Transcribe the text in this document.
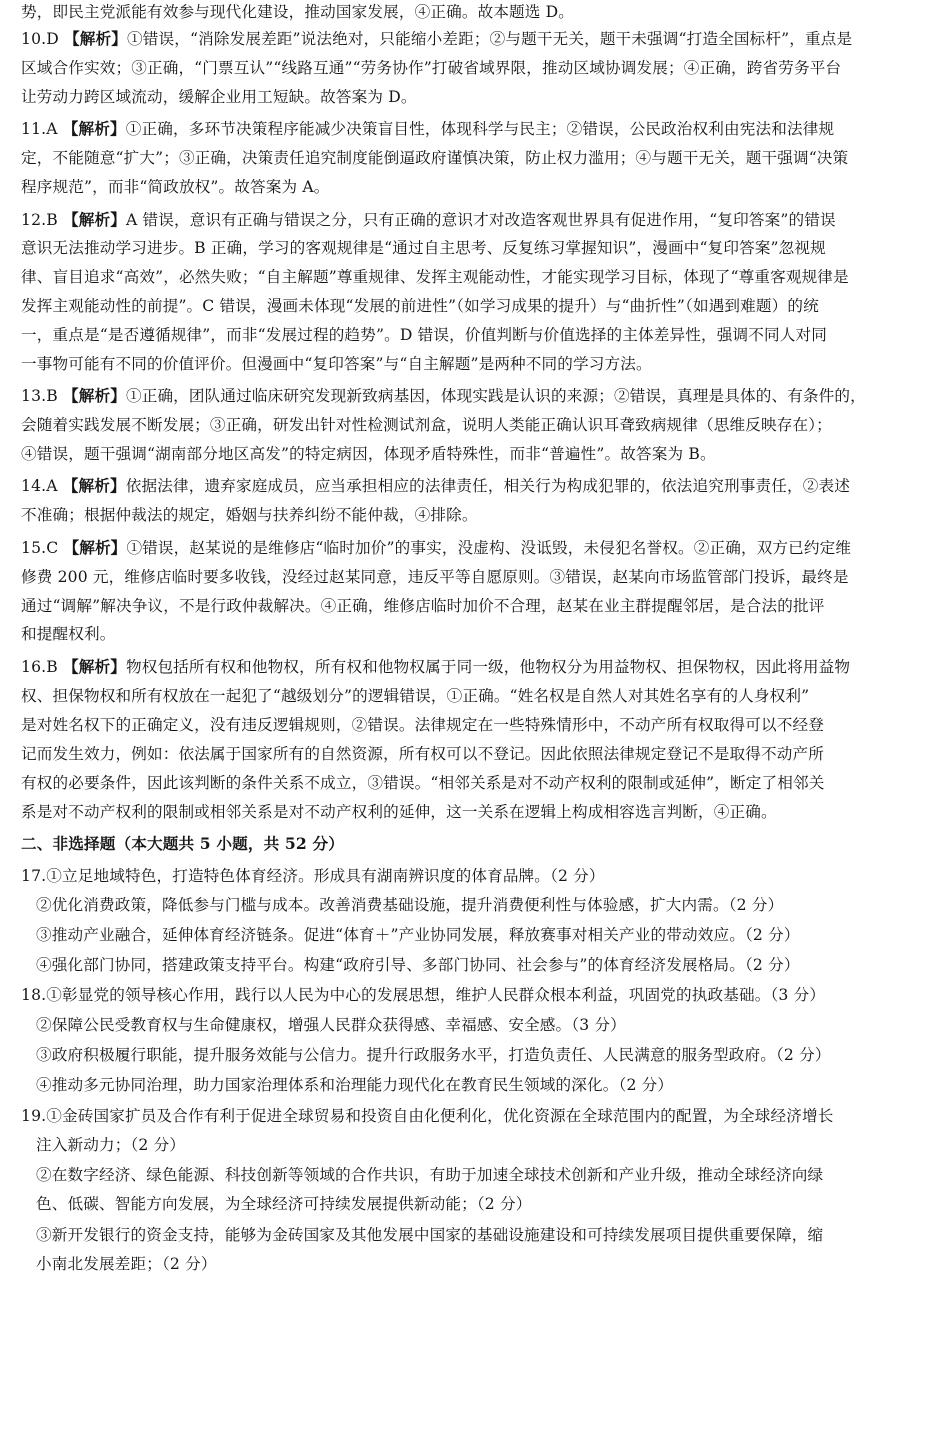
势，即民主党派能有效参与现代化建设，推动国家发展，④正确。故本题选 D。
10.D 【解析】①错误，“消除发展差距”说法绝对，只能缩小差距；②与题干无关，题干未强调“打造全国标杆”，重点是
区域合作实效；③正确，“门票互认”“线路互通”“劳务协作”打破省域界限，推动区域协调发展；④正确，跨省劳务平台
让劳动力跨区域流动，缓解企业用工短缺。故答案为 D。
11.A 【解析】①正确，多环节决策程序能减少决策盲目性，体现科学与民主；②错误，公民政治权利由宪法和法律规
定，不能随意“扩大”；③正确，决策责任追究制度能倒逼政府谨慎决策，防止权力滥用；④与题干无关，题干强调“决策
程序规范”，而非“简政放权”。故答案为 A。
12.B 【解析】A 错误，意识有正确与错误之分，只有正确的意识才对改造客观世界具有促进作用，“复印答案”的错误
意识无法推动学习进步。B 正确，学习的客观规律是“通过自主思考、反复练习掌握知识”，漫画中“复印答案”忽视规
律、盲目追求“高效”，必然失败；“自主解题”尊重规律、发挥主观能动性，才能实现学习目标，体现了“尊重客观规律是
发挥主观能动性的前提”。C 错误，漫画未体现“发展的前进性”（如学习成果的提升）与“曲折性”（如遇到难题）的统
一，重点是“是否遵循规律”，而非“发展过程的趋势”。D 错误，价值判断与价值选择的主体差异性，强调不同人对同
一事物可能有不同的价值评价。但漫画中“复印答案”与“自主解题”是两种不同的学习方法。
13.B 【解析】①正确，团队通过临床研究发现新致病基因，体现实践是认识的来源；②错误，真理是具体的、有条件的，
会随着实践发展不断发展；③正确，研发出针对性检测试剂盒，说明人类能正确认识耳聋致病规律（思维反映存在）；
④错误，题干强调“湖南部分地区高发”的特定病因，体现矛盾特殊性，而非“普遍性”。故答案为 B。
14.A 【解析】依据法律，遗弃家庭成员，应当承担相应的法律责任，相关行为构成犯罪的，依法追究刑事责任，②表述
不准确；根据仲裁法的规定，婚姻与扶养纠纷不能仲裁，④排除。
15.C 【解析】①错误，赵某说的是维修店“临时加价”的事实，没虚构、没诋毁，未侵犯名誉权。②正确，双方已约定维
修费 200 元，维修店临时要多收钱，没经过赵某同意，违反平等自愿原则。③错误，赵某向市场监管部门投诉，最终是
通过“调解”解决争议，不是行政仲裁解决。④正确，维修店临时加价不合理，赵某在业主群提醒邻居，是合法的批评
和提醒权利。
16.B 【解析】物权包括所有权和他物权，所有权和他物权属于同一级，他物权分为用益物权、担保物权，因此将用益物
权、担保物权和所有权放在一起犯了“越级划分”的逻辑错误，①正确。“姓名权是自然人对其姓名享有的人身权利”
是对姓名权下的正确定义，没有违反逻辑规则，②错误。法律规定在一些特殊情形中，不动产所有权取得可以不经登
记而发生效力，例如：依法属于国家所有的自然资源，所有权可以不登记。因此依照法律规定登记不是取得不动产所
有权的必要条件，因此该判断的条件关系不成立，③错误。“相邻关系是对不动产权利的限制或延伸”，断定了相邻关
系是对不动产权利的限制或相邻关系是对不动产权利的延伸，这一关系在逻辑上构成相容选言判断，④正确。
二、非选择题（本大题共 5 小题，共 52 分）
17.①立足地域特色，打造特色体育经济。形成具有湖南辨识度的体育品牌。（2 分）
②优化消费政策，降低参与门槛与成本。改善消费基础设施，提升消费便利性与体验感，扩大内需。（2 分）
③推动产业融合，延伸体育经济链条。促进“体育＋”产业协同发展，释放赛事对相关产业的带动效应。（2 分）
④强化部门协同，搭建政策支持平台。构建“政府引导、多部门协同、社会参与”的体育经济发展格局。（2 分）
18.①彰显党的领导核心作用，践行以人民为中心的发展思想，维护人民群众根本利益，巩固党的执政基础。（3 分）
②保障公民受教育权与生命健康权，增强人民群众获得感、幸福感、安全感。（3 分）
③政府积极履行职能，提升服务效能与公信力。提升行政服务水平，打造负责任、人民满意的服务型政府。（2 分）
④推动多元协同治理，助力国家治理体系和治理能力现代化在教育民生领域的深化。（2 分）
19.①金砖国家扩员及合作有利于促进全球贸易和投资自由化便利化，优化资源在全球范围内的配置，为全球经济增长
注入新动力；（2 分）
②在数字经济、绿色能源、科技创新等领域的合作共识，有助于加速全球技术创新和产业升级，推动全球经济向绿
色、低碳、智能方向发展，为全球经济可持续发展提供新动能；（2 分）
③新开发银行的资金支持，能够为金砖国家及其他发展中国家的基础设施建设和可持续发展项目提供重要保障，缩
小南北发展差距；（2 分）
